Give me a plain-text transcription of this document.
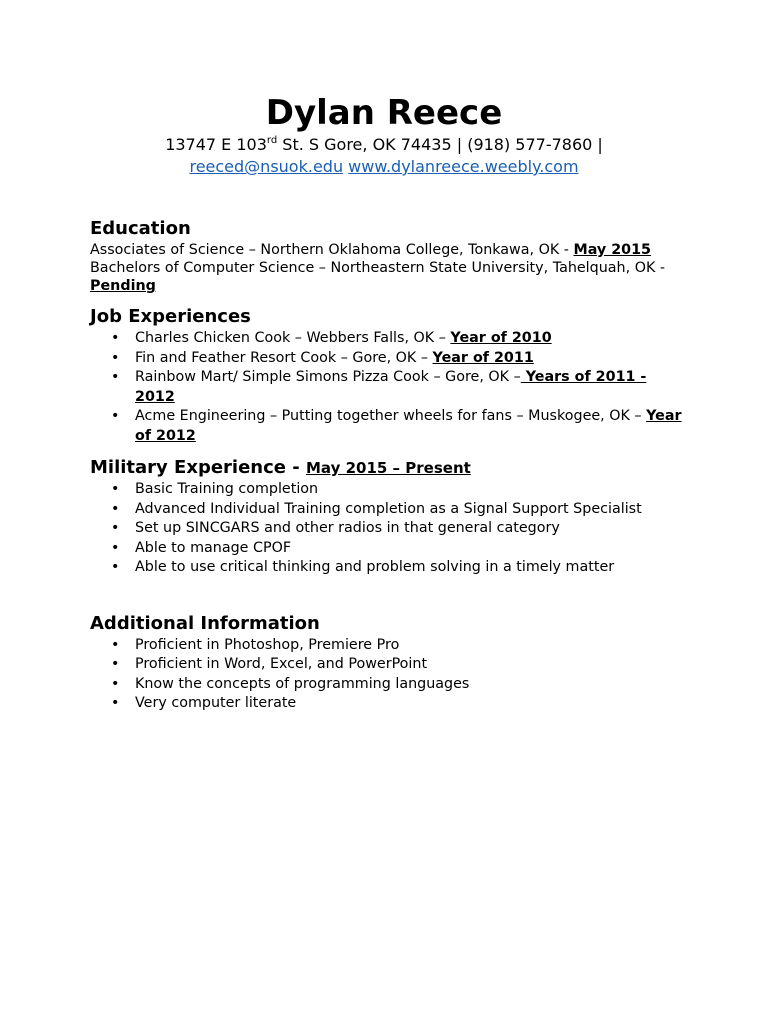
Dylan Reece
13747 E 103rd St. S Gore, OK 74435 | (918) 577-7860 |
reeced@nsuok.edu www.dylanreece.weebly.com
Education

Associates of Science – Northern Oklahoma College, Tonkawa, OK - May 2015

Bachelors of Computer Science – Northeastern State University, Tahelquah, OK - Pending

Job Experiences
• Charles Chicken Cook – Webbers Falls, OK – Year of 2010
• Fin and Feather Resort Cook – Gore, OK – Year of 2011
• Rainbow Mart/ Simple Simons Pizza Cook – Gore, OK – Years of 2011 - 2012
• Acme Engineering – Putting together wheels for fans – Muskogee, OK – Year of 2012
Military Experience - May 2015 – Present
• Basic Training completion
• Advanced Individual Training completion as a Signal Support Specialist
• Set up SINCGARS and other radios in that general category
• Able to manage CPOF
• Able to use critical thinking and problem solving in a timely matter
Additional Information
• Proficient in Photoshop, Premiere Pro
• Proficient in Word, Excel, and PowerPoint
• Know the concepts of programming languages
• Very computer literate
